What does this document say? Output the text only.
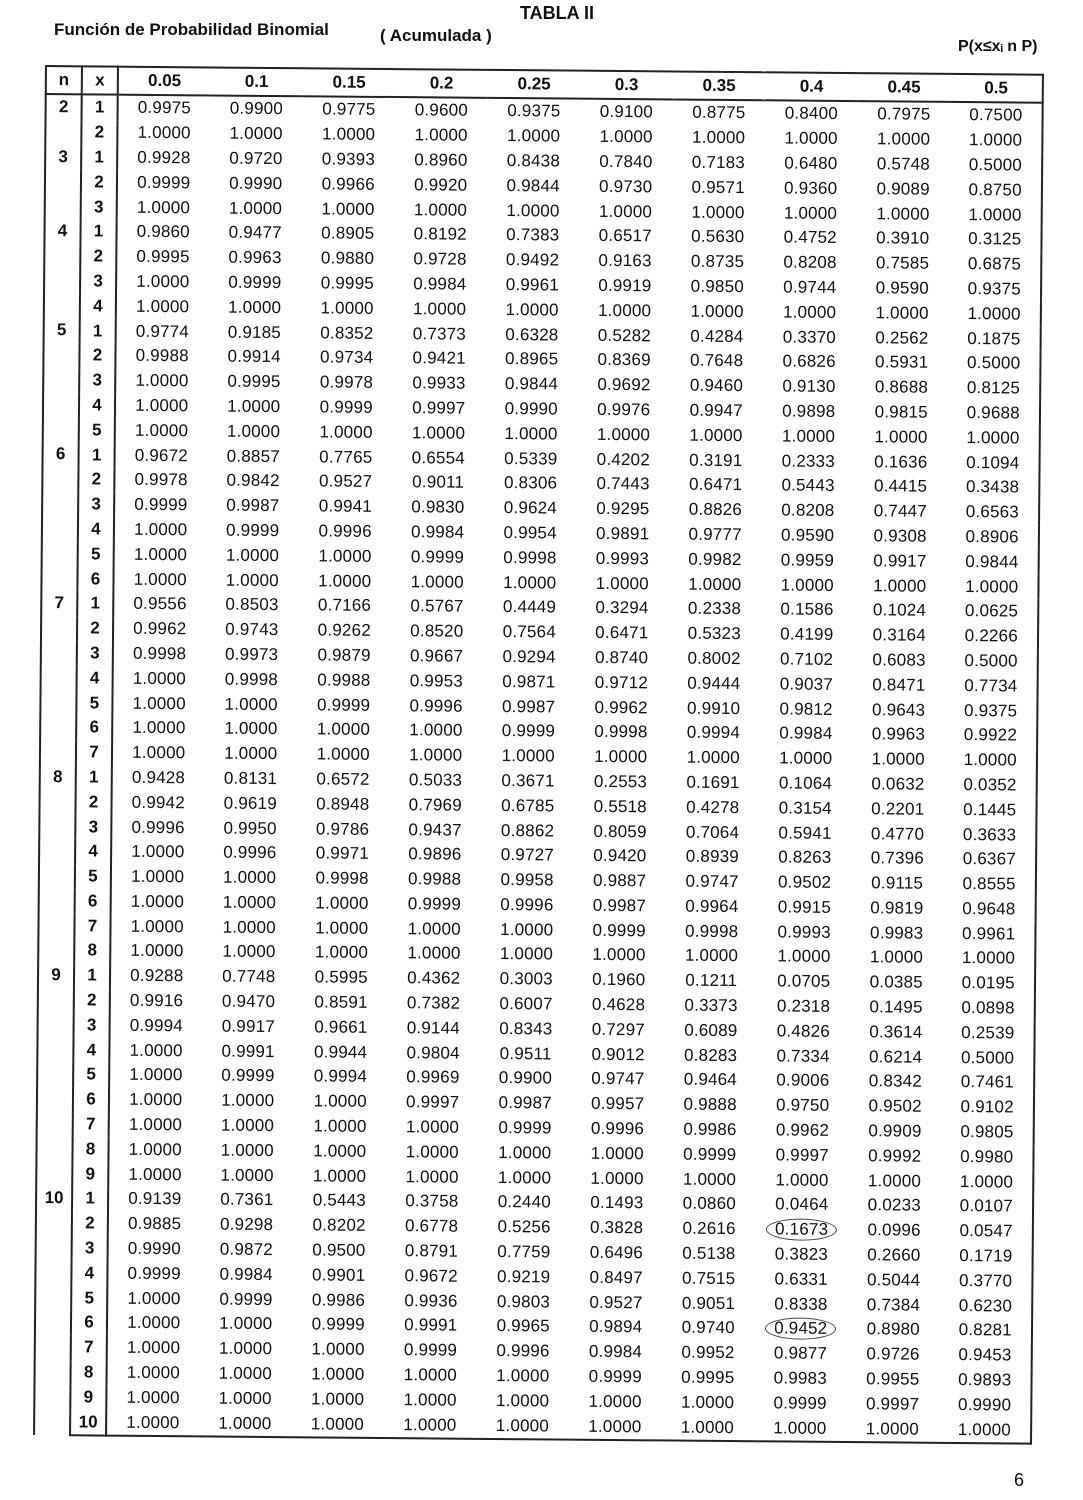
TABLA II
Función de Probabilidad Binomial	( Acumulada )
P(x≤xᵢ n P)
n	x	0.05	0.1	0.15	0.2	0.25	0.3	0.35	0.4	0.45	0.5
2	1	0.9975	0.9900	0.9775	0.9600	0.9375	0.9100	0.8775	0.8400	0.7975	0.7500
	2	1.0000	1.0000	1.0000	1.0000	1.0000	1.0000	1.0000	1.0000	1.0000	1.0000
3	1	0.9928	0.9720	0.9393	0.8960	0.8438	0.7840	0.7183	0.6480	0.5748	0.5000
	2	0.9999	0.9990	0.9966	0.9920	0.9844	0.9730	0.9571	0.9360	0.9089	0.8750
	3	1.0000	1.0000	1.0000	1.0000	1.0000	1.0000	1.0000	1.0000	1.0000	1.0000
4	1	0.9860	0.9477	0.8905	0.8192	0.7383	0.6517	0.5630	0.4752	0.3910	0.3125
	2	0.9995	0.9963	0.9880	0.9728	0.9492	0.9163	0.8735	0.8208	0.7585	0.6875
	3	1.0000	0.9999	0.9995	0.9984	0.9961	0.9919	0.9850	0.9744	0.9590	0.9375
	4	1.0000	1.0000	1.0000	1.0000	1.0000	1.0000	1.0000	1.0000	1.0000	1.0000
5	1	0.9774	0.9185	0.8352	0.7373	0.6328	0.5282	0.4284	0.3370	0.2562	0.1875
	2	0.9988	0.9914	0.9734	0.9421	0.8965	0.8369	0.7648	0.6826	0.5931	0.5000
	3	1.0000	0.9995	0.9978	0.9933	0.9844	0.9692	0.9460	0.9130	0.8688	0.8125
	4	1.0000	1.0000	0.9999	0.9997	0.9990	0.9976	0.9947	0.9898	0.9815	0.9688
	5	1.0000	1.0000	1.0000	1.0000	1.0000	1.0000	1.0000	1.0000	1.0000	1.0000
6	1	0.9672	0.8857	0.7765	0.6554	0.5339	0.4202	0.3191	0.2333	0.1636	0.1094
	2	0.9978	0.9842	0.9527	0.9011	0.8306	0.7443	0.6471	0.5443	0.4415	0.3438
	3	0.9999	0.9987	0.9941	0.9830	0.9624	0.9295	0.8826	0.8208	0.7447	0.6563
	4	1.0000	0.9999	0.9996	0.9984	0.9954	0.9891	0.9777	0.9590	0.9308	0.8906
	5	1.0000	1.0000	1.0000	0.9999	0.9998	0.9993	0.9982	0.9959	0.9917	0.9844
	6	1.0000	1.0000	1.0000	1.0000	1.0000	1.0000	1.0000	1.0000	1.0000	1.0000
7	1	0.9556	0.8503	0.7166	0.5767	0.4449	0.3294	0.2338	0.1586	0.1024	0.0625
	2	0.9962	0.9743	0.9262	0.8520	0.7564	0.6471	0.5323	0.4199	0.3164	0.2266
	3	0.9998	0.9973	0.9879	0.9667	0.9294	0.8740	0.8002	0.7102	0.6083	0.5000
	4	1.0000	0.9998	0.9988	0.9953	0.9871	0.9712	0.9444	0.9037	0.8471	0.7734
	5	1.0000	1.0000	0.9999	0.9996	0.9987	0.9962	0.9910	0.9812	0.9643	0.9375
	6	1.0000	1.0000	1.0000	1.0000	0.9999	0.9998	0.9994	0.9984	0.9963	0.9922
	7	1.0000	1.0000	1.0000	1.0000	1.0000	1.0000	1.0000	1.0000	1.0000	1.0000
8	1	0.9428	0.8131	0.6572	0.5033	0.3671	0.2553	0.1691	0.1064	0.0632	0.0352
	2	0.9942	0.9619	0.8948	0.7969	0.6785	0.5518	0.4278	0.3154	0.2201	0.1445
	3	0.9996	0.9950	0.9786	0.9437	0.8862	0.8059	0.7064	0.5941	0.4770	0.3633
	4	1.0000	0.9996	0.9971	0.9896	0.9727	0.9420	0.8939	0.8263	0.7396	0.6367
	5	1.0000	1.0000	0.9998	0.9988	0.9958	0.9887	0.9747	0.9502	0.9115	0.8555
	6	1.0000	1.0000	1.0000	0.9999	0.9996	0.9987	0.9964	0.9915	0.9819	0.9648
	7	1.0000	1.0000	1.0000	1.0000	1.0000	0.9999	0.9998	0.9993	0.9983	0.9961
	8	1.0000	1.0000	1.0000	1.0000	1.0000	1.0000	1.0000	1.0000	1.0000	1.0000
9	1	0.9288	0.7748	0.5995	0.4362	0.3003	0.1960	0.1211	0.0705	0.0385	0.0195
	2	0.9916	0.9470	0.8591	0.7382	0.6007	0.4628	0.3373	0.2318	0.1495	0.0898
	3	0.9994	0.9917	0.9661	0.9144	0.8343	0.7297	0.6089	0.4826	0.3614	0.2539
	4	1.0000	0.9991	0.9944	0.9804	0.9511	0.9012	0.8283	0.7334	0.6214	0.5000
	5	1.0000	0.9999	0.9994	0.9969	0.9900	0.9747	0.9464	0.9006	0.8342	0.7461
	6	1.0000	1.0000	1.0000	0.9997	0.9987	0.9957	0.9888	0.9750	0.9502	0.9102
	7	1.0000	1.0000	1.0000	1.0000	0.9999	0.9996	0.9986	0.9962	0.9909	0.9805
	8	1.0000	1.0000	1.0000	1.0000	1.0000	1.0000	0.9999	0.9997	0.9992	0.9980
	9	1.0000	1.0000	1.0000	1.0000	1.0000	1.0000	1.0000	1.0000	1.0000	1.0000
10	1	0.9139	0.7361	0.5443	0.3758	0.2440	0.1493	0.0860	0.0464	0.0233	0.0107
	2	0.9885	0.9298	0.8202	0.6778	0.5256	0.3828	0.2616	0.1673	0.0996	0.0547
	3	0.9990	0.9872	0.9500	0.8791	0.7759	0.6496	0.5138	0.3823	0.2660	0.1719
	4	0.9999	0.9984	0.9901	0.9672	0.9219	0.8497	0.7515	0.6331	0.5044	0.3770
	5	1.0000	0.9999	0.9986	0.9936	0.9803	0.9527	0.9051	0.8338	0.7384	0.6230
	6	1.0000	1.0000	0.9999	0.9991	0.9965	0.9894	0.9740	0.9452	0.8980	0.8281
	7	1.0000	1.0000	1.0000	0.9999	0.9996	0.9984	0.9952	0.9877	0.9726	0.9453
	8	1.0000	1.0000	1.0000	1.0000	1.0000	0.9999	0.9995	0.9983	0.9955	0.9893
	9	1.0000	1.0000	1.0000	1.0000	1.0000	1.0000	1.0000	0.9999	0.9997	0.9990
	10	1.0000	1.0000	1.0000	1.0000	1.0000	1.0000	1.0000	1.0000	1.0000	1.0000
6
